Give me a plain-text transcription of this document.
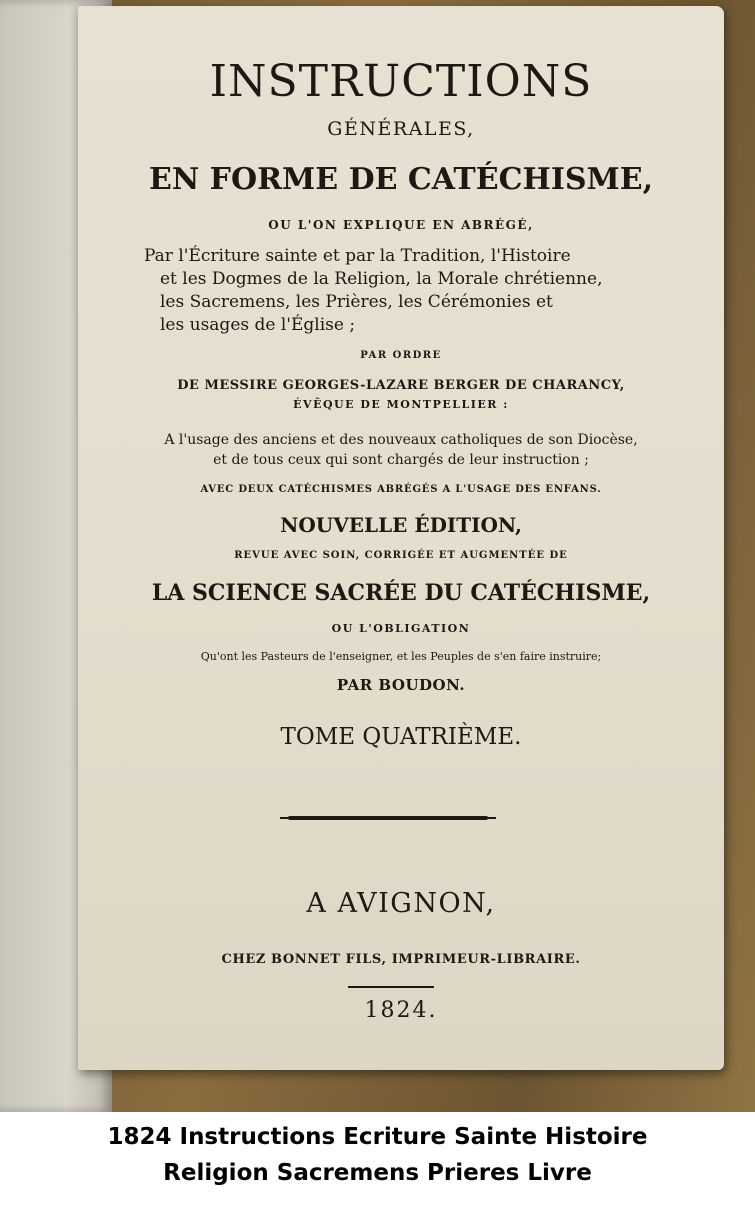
INSTRUCTIONS

GÉNÉRALES,

EN FORME DE CATÉCHISME,

OU L'ON EXPLIQUE EN ABRÉGÉ,

Par l'Écriture sainte et par la Tradition, l'Histoire

et les Dogmes de la Religion, la Morale chrétienne,

les Sacremens, les Prières, les Cérémonies et

les usages de l'Église ;

PAR ORDRE

DE MESSIRE GEORGES-LAZARE BERGER DE CHARANCY,

ÉVÊQUE DE MONTPELLIER :

A l'usage des anciens et des nouveaux catholiques de son Diocèse,

et de tous ceux qui sont chargés de leur instruction ;

AVEC DEUX CATÉCHISMES ABRÉGÉS A L'USAGE DES ENFANS.

NOUVELLE ÉDITION,

REVUE AVEC SOIN, CORRIGÉE ET AUGMENTÉE DE

LA SCIENCE SACRÉE DU CATÉCHISME,

OU L'OBLIGATION

Qu'ont les Pasteurs de l'enseigner, et les Peuples de s'en faire instruire;

PAR BOUDON.

TOME QUATRIÈME.

A AVIGNON,

CHEZ BONNET FILS, IMPRIMEUR-LIBRAIRE.

1824.

1824 Instructions Ecriture Sainte Histoire

Religion Sacremens Prieres Livre
